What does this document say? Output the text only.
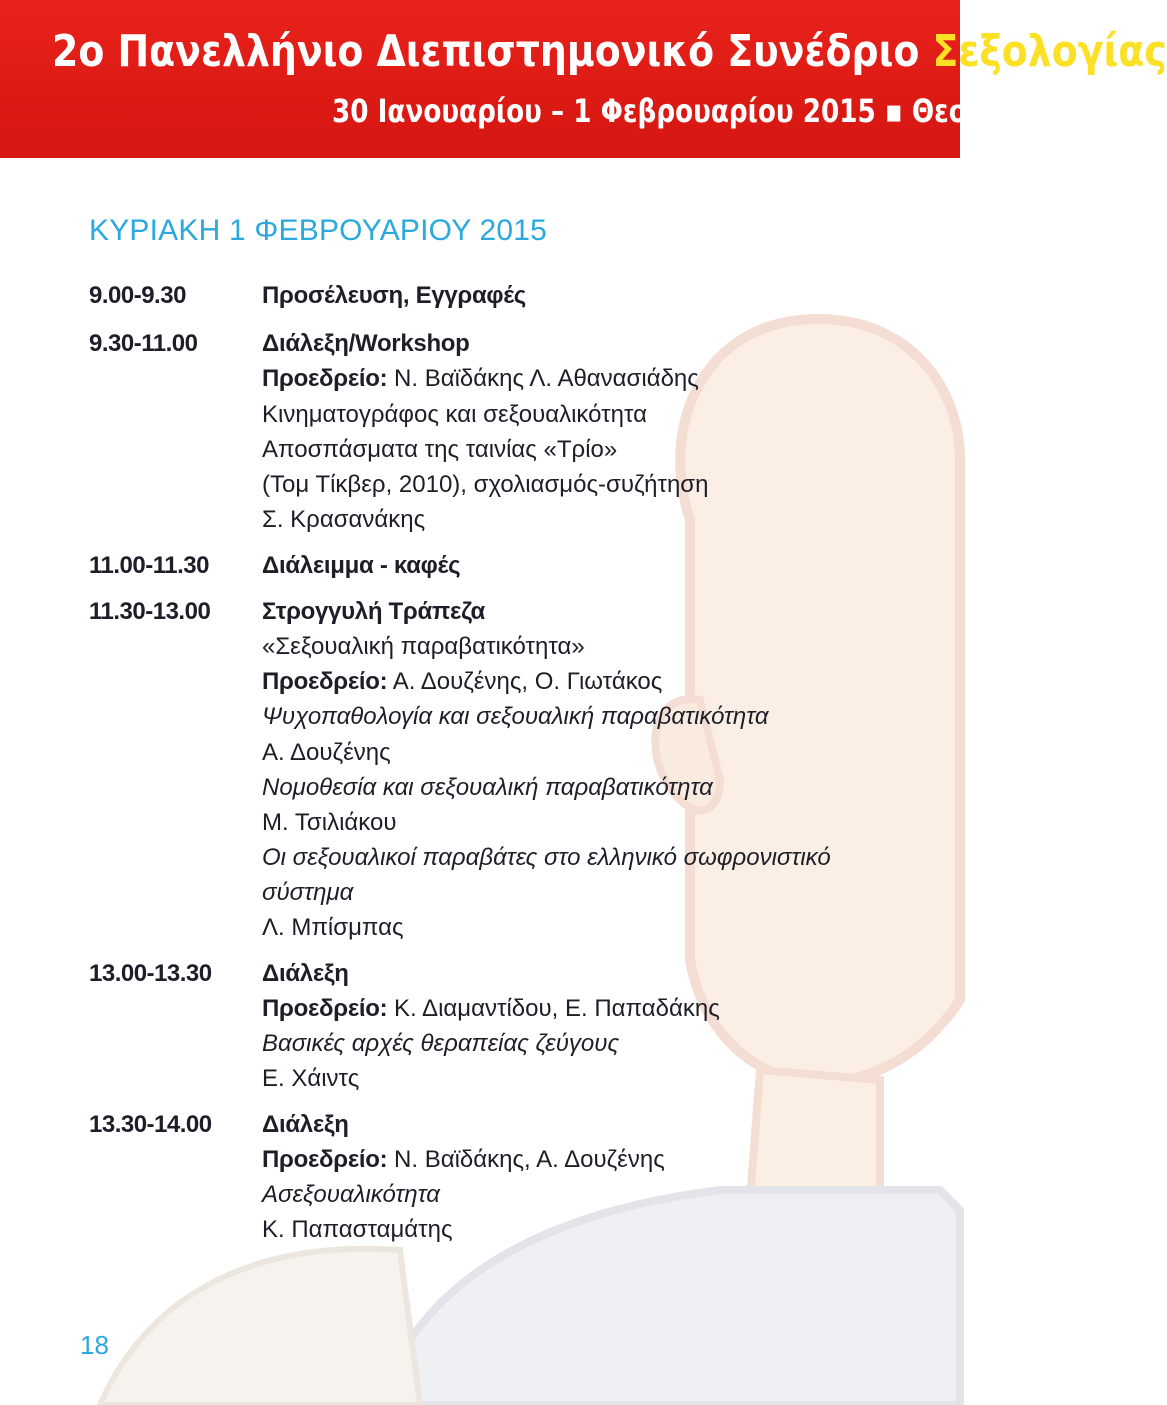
2ο Πανελλήνιο Διεπιστημονικό Συνέδριο Σεξολογίας
30 Ιανουαρίου – 1 Φεβρουαρίου 2015 ▪ Θεσσαλονίκη
ΚΥΡΙΑΚΗ 1 ΦΕΒΡΟΥΑΡΙΟΥ 2015
9.00-9.30	Προσέλευση, Εγγραφές
9.30-11.00	Διάλεξη/Workshop
Προεδρείο: Ν. Βαϊδάκης Λ. Αθανασιάδης
Κινηματογράφος και σεξουαλικότητα
Αποσπάσματα της ταινίας «Τρίο»
(Τομ Τίκβερ, 2010), σχολιασμός-συζήτηση
Σ. Κρασανάκης
11.00-11.30 Διάλειμμα - καφές
11.30-13.00 Στρογγυλή Τράπεζα
«Σεξουαλική παραβατικότητα»
Προεδρείο: Α. Δουζένης, Ο. Γιωτάκος
Ψυχοπαθολογία και σεξουαλική παραβατικότητα
Α. Δουζένης
Νομοθεσία και σεξουαλική παραβατικότητα
Μ. Τσιλιάκου
Οι σεξουαλικοί παραβάτες στο ελληνικό σωφρονιστικό
σύστημα
Λ. Μπίσμπας
13.00-13.30 Διάλεξη
Προεδρείο: Κ. Διαμαντίδου, Ε. Παπαδάκης
Βασικές αρχές θεραπείας ζεύγους
Ε. Χάιντς
13.30-14.00 Διάλεξη
Προεδρείο: Ν. Βαϊδάκης, Α. Δουζένης
Ασεξουαλικότητα
Κ. Παπασταμάτης
18
